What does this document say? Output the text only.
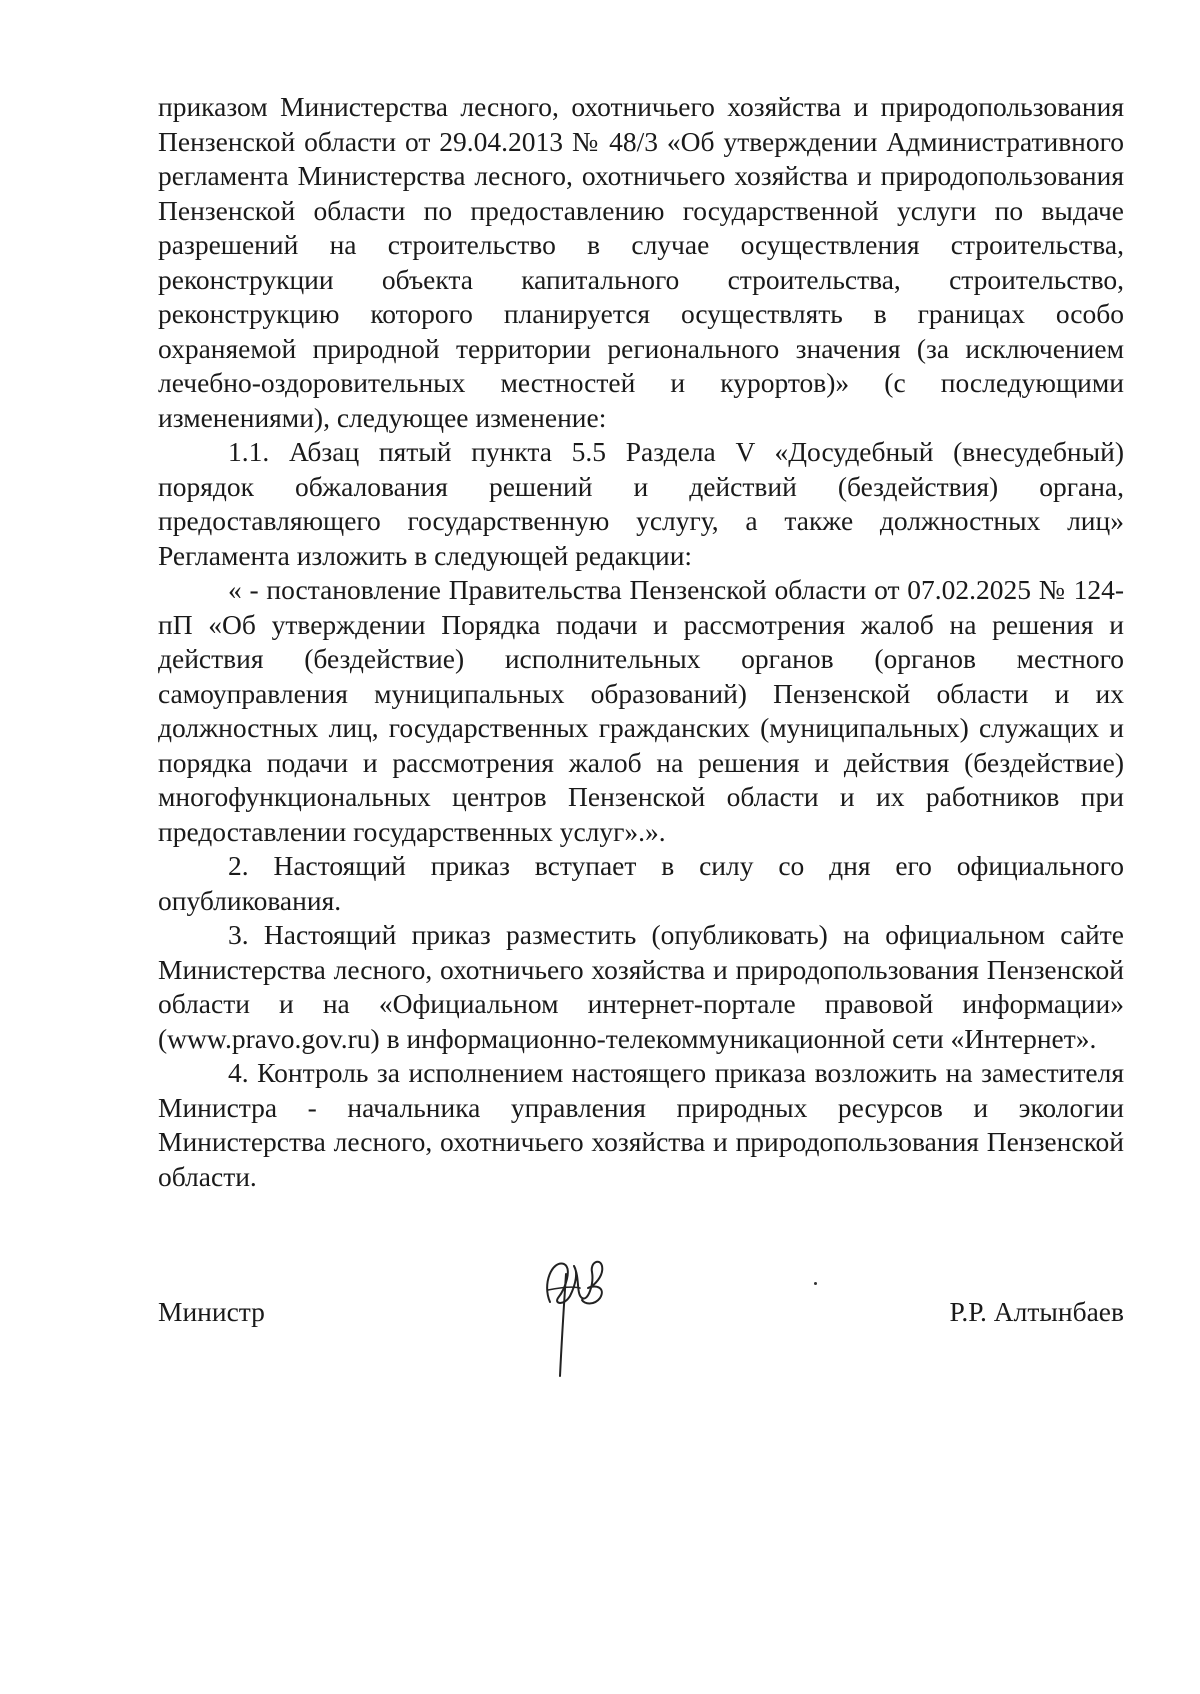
приказом Министерства лесного, охотничьего хозяйства и природопользования Пензенской области от 29.04.2013 № 48/3 «Об утверждении Административного регламента Министерства лесного, охотничьего хозяйства и природопользования Пензенской области по предоставлению государственной услуги по выдаче разрешений на строительство в случае осуществления строительства, реконструкции объекта капитального строительства, строительство, реконструкцию которого планируется осуществлять в границах особо охраняемой природной территории регионального значения (за исключением лечебно-оздоровительных местностей и курортов)» (с последующими изменениями), следующее изменение:

1.1. Абзац пятый пункта 5.5 Раздела V «Досудебный (внесудебный) порядок обжалования решений и действий (бездействия) органа, предоставляющего государственную услугу, а также должностных лиц» Регламента изложить в следующей редакции:

« - постановление Правительства Пензенской области от 07.02.2025 № 124-пП «Об утверждении Порядка подачи и рассмотрения жалоб на решения и действия (бездействие) исполнительных органов (органов местного самоуправления муниципальных образований) Пензенской области и их должностных лиц, государственных гражданских (муниципальных) служащих и порядка подачи и рассмотрения жалоб на решения и действия (бездействие) многофункциональных центров Пензенской области и их работников при предоставлении государственных услуг».».

2. Настоящий приказ вступает в силу со дня его официального опубликования.

3. Настоящий приказ разместить (опубликовать) на официальном сайте Министерства лесного, охотничьего хозяйства и природопользования Пензенской области и на «Официальном интернет-портале правовой информации» (www.pravo.gov.ru) в информационно-телекоммуникационной сети «Интернет».

4. Контроль за исполнением настоящего приказа возложить на заместителя Министра - начальника управления природных ресурсов и экологии Министерства лесного, охотничьего хозяйства и природопользования Пензенской области.

Министр	Р.Р. Алтынбаев
